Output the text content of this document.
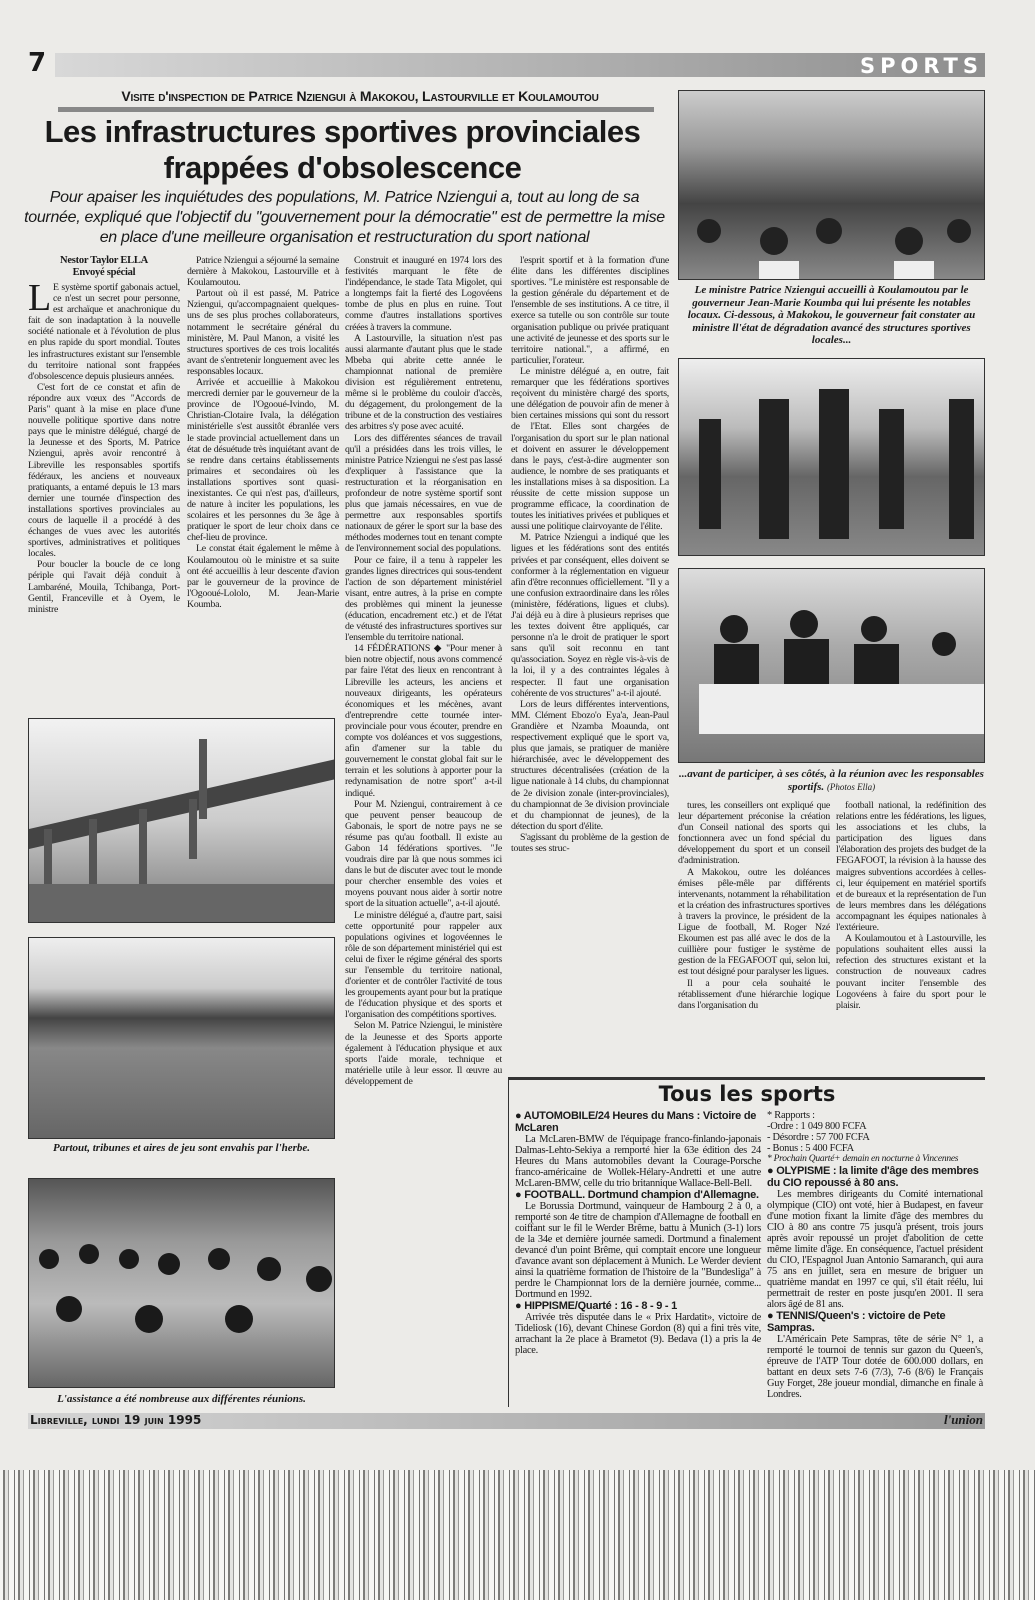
7	SPORTS
Visite d'inspection de Patrice Nziengui à Makokou, Lastourville et Koulamoutou
Les infrastructures sportives provinciales frappées d'obsolescence
Pour apaiser les inquiétudes des populations, M. Patrice Nziengui a, tout au long de sa tournée, expliqué que l'objectif du "gouvernement pour la démocratie" est de permettre la mise en place d'une meilleure organisation et restructuration du sport national

Nestor Taylor ELLA

Envoyé spécial

L E système sportif gabonais actuel, ce n'est un secret pour personne, est archaïque et anachronique du fait de son inadaptation à la nouvelle société nationale et à l'évolution de plus en plus rapide du sport mondial. Toutes les infrastructures existant sur l'ensemble du territoire national sont frappées d'obsolescence depuis plusieurs années.

C'est fort de ce constat et afin de répondre aux vœux des "Accords de Paris" quant à la mise en place d'une nouvelle politique sportive dans notre pays que le ministre délégué, chargé de la Jeunesse et des Sports, M. Patrice Nziengui, après avoir rencontré à Libreville les responsables sportifs fédéraux, les anciens et nouveaux pratiquants, a entamé depuis le 13 mars dernier une tournée d'inspection des installations sportives provinciales au cours de laquelle il a procédé à des échanges de vues avec les autorités sportives, administratives et politiques locales.

Pour boucler la boucle de ce long périple qui l'avait déjà conduit à Lambaréné, Mouila, Tchibanga, Port-Gentil, Franceville et à Oyem, le ministre

Patrice Nziengui a séjourné la semaine dernière à Makokou, Lastourville et à Koulamoutou.

Partout où il est passé, M. Patrice Nziengui, qu'accompagnaient quelques-uns de ses plus proches collaborateurs, notamment le secrétaire général du ministère, M. Paul Manon, a visité les structures sportives de ces trois localités avant de s'entretenir longuement avec les responsables locaux.

Arrivée et accueillie à Makokou mercredi dernier par le gouverneur de la province de l'Ogooué-Ivindo, M. Christian-Clotaire Ivala, la délégation ministérielle s'est aussitôt ébranlée vers le stade provincial actuellement dans un état de désuétude très inquiétant avant de se rendre dans certains établissements primaires et secondaires où les installations sportives sont quasi-inexistantes. Ce qui n'est pas, d'ailleurs, de nature à inciter les populations, les scolaires et les personnes du 3e âge à pratiquer le sport de leur choix dans ce chef-lieu de province.

Le constat était également le même à Koulamoutou où le ministre et sa suite ont été accueillis à leur descente d'avion par le gouverneur de la province de l'Ogooué-Lololo, M. Jean-Marie Koumba.

Construit et inauguré en 1974 lors des festivités marquant le fête de l'indépendance, le stade Tata Migolet, qui a longtemps fait la fierté des Logovéens tombe de plus en plus en ruine. Tout comme d'autres installations sportives créées à travers la commune.

A Lastourville, la situation n'est pas aussi alarmante d'autant plus que le stade Mbeba qui abrite cette année le championnat national de première division est régulièrement entretenu, même si le problème du couloir d'accès, du dégagement, du prolongement de la tribune et de la construction des vestiaires des arbitres s'y pose avec acuité.

Lors des différentes séances de travail qu'il a présidées dans les trois villes, le ministre Patrice Nziengui ne s'est pas lassé d'expliquer à l'assistance que la restructuration et la réorganisation en profondeur de notre système sportif sont plus que jamais nécessaires, en vue de permettre aux responsables sportifs nationaux de gérer le sport sur la base des méthodes modernes tout en tenant compte de l'environnement social des populations.

Pour ce faire, il a tenu à rappeler les grandes lignes directrices qui sous-tendent l'action de son département ministériel visant, entre autres, à la prise en compte des problèmes qui minent la jeunesse (éducation, encadrement etc.) et de l'état de vétusté des infrastructures sportives sur l'ensemble du territoire national.

14 FÉDÉRATIONS ◆ "Pour mener à bien notre objectif, nous avons commencé par faire l'état des lieux en rencontrant à Libreville les acteurs, les anciens et nouveaux dirigeants, les opérateurs économiques et les mécènes, avant d'entreprendre cette tournée inter-provinciale pour vous écouter, prendre en compte vos doléances et vos suggestions, afin d'amener sur la table du gouvernement le constat global fait sur le terrain et les solutions à apporter pour la redynamisation de notre sport" a-t-il indiqué.

Pour M. Nziengui, contrairement à ce que peuvent penser beaucoup de Gabonais, le sport de notre pays ne se résume pas qu'au football. Il existe au Gabon 14 fédérations sportives. "Je voudrais dire par là que nous sommes ici dans le but de discuter avec tout le monde pour chercher ensemble des voies et moyens pouvant nous aider à sortir notre sport de la situation actuelle", a-t-il ajouté.

Le ministre délégué a, d'autre part, saisi cette opportunité pour rappeler aux populations ogivines et logovéennes le rôle de son département ministériel qui est celui de fixer le régime général des sports sur l'ensemble du territoire national, d'orienter et de contrôler l'activité de tous les groupements ayant pour but la pratique de l'éducation physique et des sports et l'organisation des compétitions sportives.

Selon M. Patrice Nziengui, le ministère de la Jeunesse et des Sports apporte également à l'éducation physique et aux sports l'aide morale, technique et matérielle utile à leur essor. Il œuvre au développement de

l'esprit sportif et à la formation d'une élite dans les différentes disciplines sportives. "Le ministère est responsable de la gestion générale du département et de l'ensemble de ses institutions. A ce titre, il exerce sa tutelle ou son contrôle sur toute organisation publique ou privée pratiquant une activité de jeunesse et des sports sur le territoire national.", a affirmé, en particulier, l'orateur.

Le ministre délégué a, en outre, fait remarquer que les fédérations sportives reçoivent du ministère chargé des sports, une délégation de pouvoir afin de mener à bien certaines missions qui sont du ressort de l'Etat. Elles sont chargées de l'organisation du sport sur le plan national et doivent en assurer le développement dans le pays, c'est-à-dire augmenter son audience, le nombre de ses pratiquants et les installations mises à sa disposition. La réussite de cette mission suppose un programme efficace, la coordination de toutes les initiatives privées et publiques et aussi une politique clairvoyante de l'élite.

M. Patrice Nziengui a indiqué que les ligues et les fédérations sont des entités privées et par conséquent, elles doivent se conformer à la réglementation en vigueur afin d'être reconnues officiellement. "Il y a une confusion extraordinaire dans les rôles (ministère, fédérations, ligues et clubs). J'ai déjà eu à dire à plusieurs reprises que les textes doivent être appliqués, car personne n'a le droit de pratiquer le sport sans qu'il soit reconnu en tant qu'association. Soyez en règle vis-à-vis de la loi, il y a des contraintes légales à respecter. Il faut une organisation cohérente de vos structures" a-t-il ajouté.

Lors de leurs différentes interventions, MM. Clément Ebozo'o Eya'a, Jean-Paul Grandière et Nzamba Moaunda, ont respectivement expliqué que le sport va, plus que jamais, se pratiquer de manière hiérarchisée, avec le développement des structures décentralisées (création de la ligue nationale à 14 clubs, du championnat de 2e division zonale (inter-provinciales), du championnat de 3e division provinciale et du championnat de jeunes), de la détection du sport d'élite.

S'agissant du problème de la gestion de toutes ses struc-

tures, les conseillers ont expliqué que leur département préconise la création d'un Conseil national des sports qui fonctionnera avec un fond spécial du développement du sport et un conseil d'administration.

A Makokou, outre les doléances émises pêle-mêle par différents intervenants, notamment la réhabilitation et la création des infrastructures sportives à travers la province, le président de la Ligue de football, M. Roger Nzé Ekoumen est pas allé avec le dos de la cuillière pour fustiger le système de gestion de la FEGAFOOT qui, selon lui, est tout désigné pour paralyser les ligues.

Il a pour cela souhaité le rétablissement d'une hiérarchie logique dans l'organisation du

football national, la redéfinition des relations entre les fédérations, les ligues, les associations et les clubs, la participation des ligues dans l'élaboration des projets des budget de la FEGAFOOT, la révision à la hausse des maigres subventions accordées à celles-ci, leur équipement en matériel sportifs et de bureaux et la représentation de l'un de leurs membres dans les délégations accompagnant les équipes nationales à l'extérieure.

A Koulamoutou et à Lastourville, les populations souhaitent elles aussi la refection des structures existant et la construction de nouveaux cadres pouvant inciter l'ensemble des Logovéens à faire du sport pour le plaisir.

Le ministre Patrice Nziengui accueilli à Koulamoutou par le gouverneur Jean-Marie Koumba qui lui présente les notables locaux. Ci-dessous, à Makokou, le gouverneur fait constater au ministre ll'état de dégradation avancé des structures sportives locales...
...avant de participer, à ses côtés, à la réunion avec les responsables sportifs. (Photos Ella)
Partout, tribunes et aires de jeu sont envahis par l'herbe.
L'assistance a été nombreuse aux différentes réunions.
Tous les sports
● AUTOMOBILE/24 Heures du Mans : Victoire de McLaren

La McLaren-BMW de l'équipage franco-finlando-japonais Dalmas-Lehto-Sekiya a remporté hier la 63e édition des 24 Heures du Mans automobiles devant la Courage-Porsche franco-américaine de Wollek-Hélary-Andretti et une autre McLaren-BMW, celle du trio britannique Wallace-Bell-Bell.

● FOOTBALL. Dortmund champion d'Allemagne.

Le Borussia Dortmund, vainqueur de Hambourg 2 à 0, a remporté son 4e titre de champion d'Allemagne de football en coiffant sur le fil le Werder Brême, battu à Munich (3-1) lors de la 34e et dernière journée samedi. Dortmund a finalement devancé d'un point Brême, qui comptait encore une longueur d'avance avant son déplacement à Munich. Le Werder devient ainsi la quatrième formation de l'histoire de la "Bundesliga" à perdre le Championnat lors de la dernière journée, comme... Dortmund en 1992.

● HIPPISME/Quarté : 16 - 8 - 9 - 1

Arrivée très disputée dans le « Prix Hardatit», victoire de Tideliosk (16), devant Chinese Gordon (8) qui a fini très vite, arrachant la 2e place à Brametot (9). Bedava (1) a pris la 4e place.

* Rapports :

-Ordre : 1 049 800 FCFA

- Désordre : 57 700 FCFA

- Bonus : 5 400 FCFA

* Prochain Quarté+ demain en nocturne à Vincennes

● OLYPISME : la limite d'âge des membres du CIO repoussé à 80 ans.

Les membres dirigeants du Comité international olympique (CIO) ont voté, hier à Budapest, en faveur d'une motion fixant la limite d'âge des membres du CIO à 80 ans contre 75 jusqu'à présent, trois jours après avoir repoussé un projet d'abolition de cette même limite d'âge. En conséquence, l'actuel président du CIO, l'Espagnol Juan Antonio Samaranch, qui aura 75 ans en juillet, sera en mesure de briguer un quatrième mandat en 1997 ce qui, s'il était réélu, lui permettrait de rester en poste jusqu'en 2001. Il sera alors âgé de 81 ans.

● TENNIS/Queen's : victoire de Pete Sampras.

L'Américain Pete Sampras, tête de série N° 1, a remporté le tournoi de tennis sur gazon du Queen's, épreuve de l'ATP Tour dotée de 600.000 dollars, en battant en deux sets 7-6 (7/3), 7-6 (8/6) le Français Guy Forget, 28e joueur mondial, dimanche en finale à Londres.

Libreville, lundi 19 juin 1995	l'union
